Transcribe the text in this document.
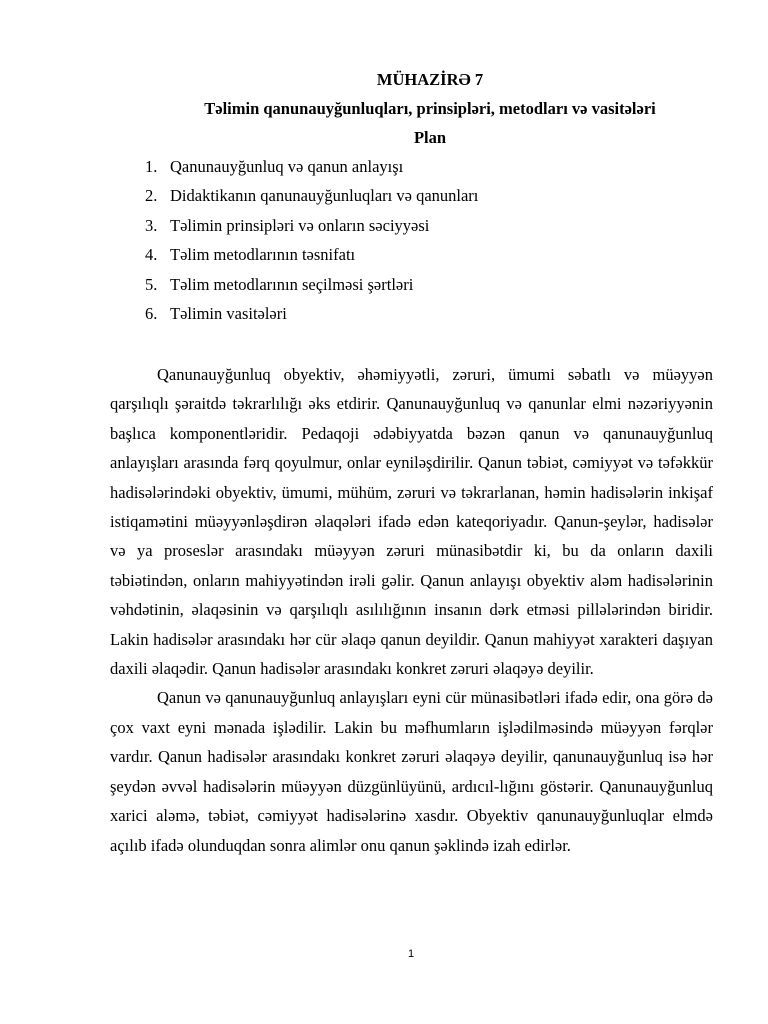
MÜHAZİRƏ 7
Təlimin qanunauyğunluqları, prinsipləri, metodları və vasitələri
Plan
1. Qanunauyğunluq və qanun anlayışı
2. Didaktikanın qanunauyğunluqları və qanunları
3. Təlimin prinsipləri və onların səciyyəsi
4. Təlim metodlarının təsnifatı
5. Təlim metodlarının seçilməsi şərtləri
6. Təlimin vasitələri

Qanunauyğunluq obyektiv, əhəmiyyətli, zəruri, ümumi səbatlı və müəyyən qarşılıqlı şəraitdə təkrarlılığı əks etdirir. Qanunauyğunluq və qanunlar elmi nəzəriyyənin başlıca komponentləridir. Pedaqoji ədəbiyyatda bəzən qanun və qanunauyğunluq anlayışları arasında fərq qoyulmur, onlar eyniləşdirilir. Qanun təbiət, cəmiyyət və təfəkkür hadisələrindəki obyektiv, ümumi, mühüm, zəruri və təkrarlanan, həmin hadisələrin inkişaf istiqamətini müəyyənləşdirən əlaqələri ifadə edən kateqoriyadır. Qanun-şeylər, hadisələr və ya proseslər arasındakı müəyyən zəruri münasibətdir ki, bu da onların daxili təbiətindən, onların mahiyyətindən irəli gəlir. Qanun anlayışı obyektiv aləm hadisələrinin vəhdətinin, əlaqəsinin və qarşılıqlı asılılığının insanın dərk etməsi pillələrindən biridir. Lakin hadisələr arasındakı hər cür əlaqə qanun deyildir. Qanun mahiyyət xarakteri daşıyan daxili əlaqədir. Qanun hadisələr arasındakı konkret zəruri əlaqəyə deyilir.

Qanun və qanunauyğunluq anlayışları eyni cür münasibətləri ifadə edir, ona görə də çox vaxt eyni mənada işlədilir. Lakin bu məfhumların işlədilməsində müəyyən fərqlər vardır. Qanun hadisələr arasındakı konkret zəruri əlaqəyə deyilir, qanunauyğunluq isə hər şeydən əvvəl hadisələrin müəyyən düzgünlüyünü, ardıcıl-lığını göstərir. Qanunauyğunluq xarici aləmə, təbiət, cəmiyyət hadisələrinə xasdır. Obyektiv qanunauyğunluqlar elmdə açılıb ifadə olunduqdan sonra alimlər onu qanun şəklində izah edirlər.

1
